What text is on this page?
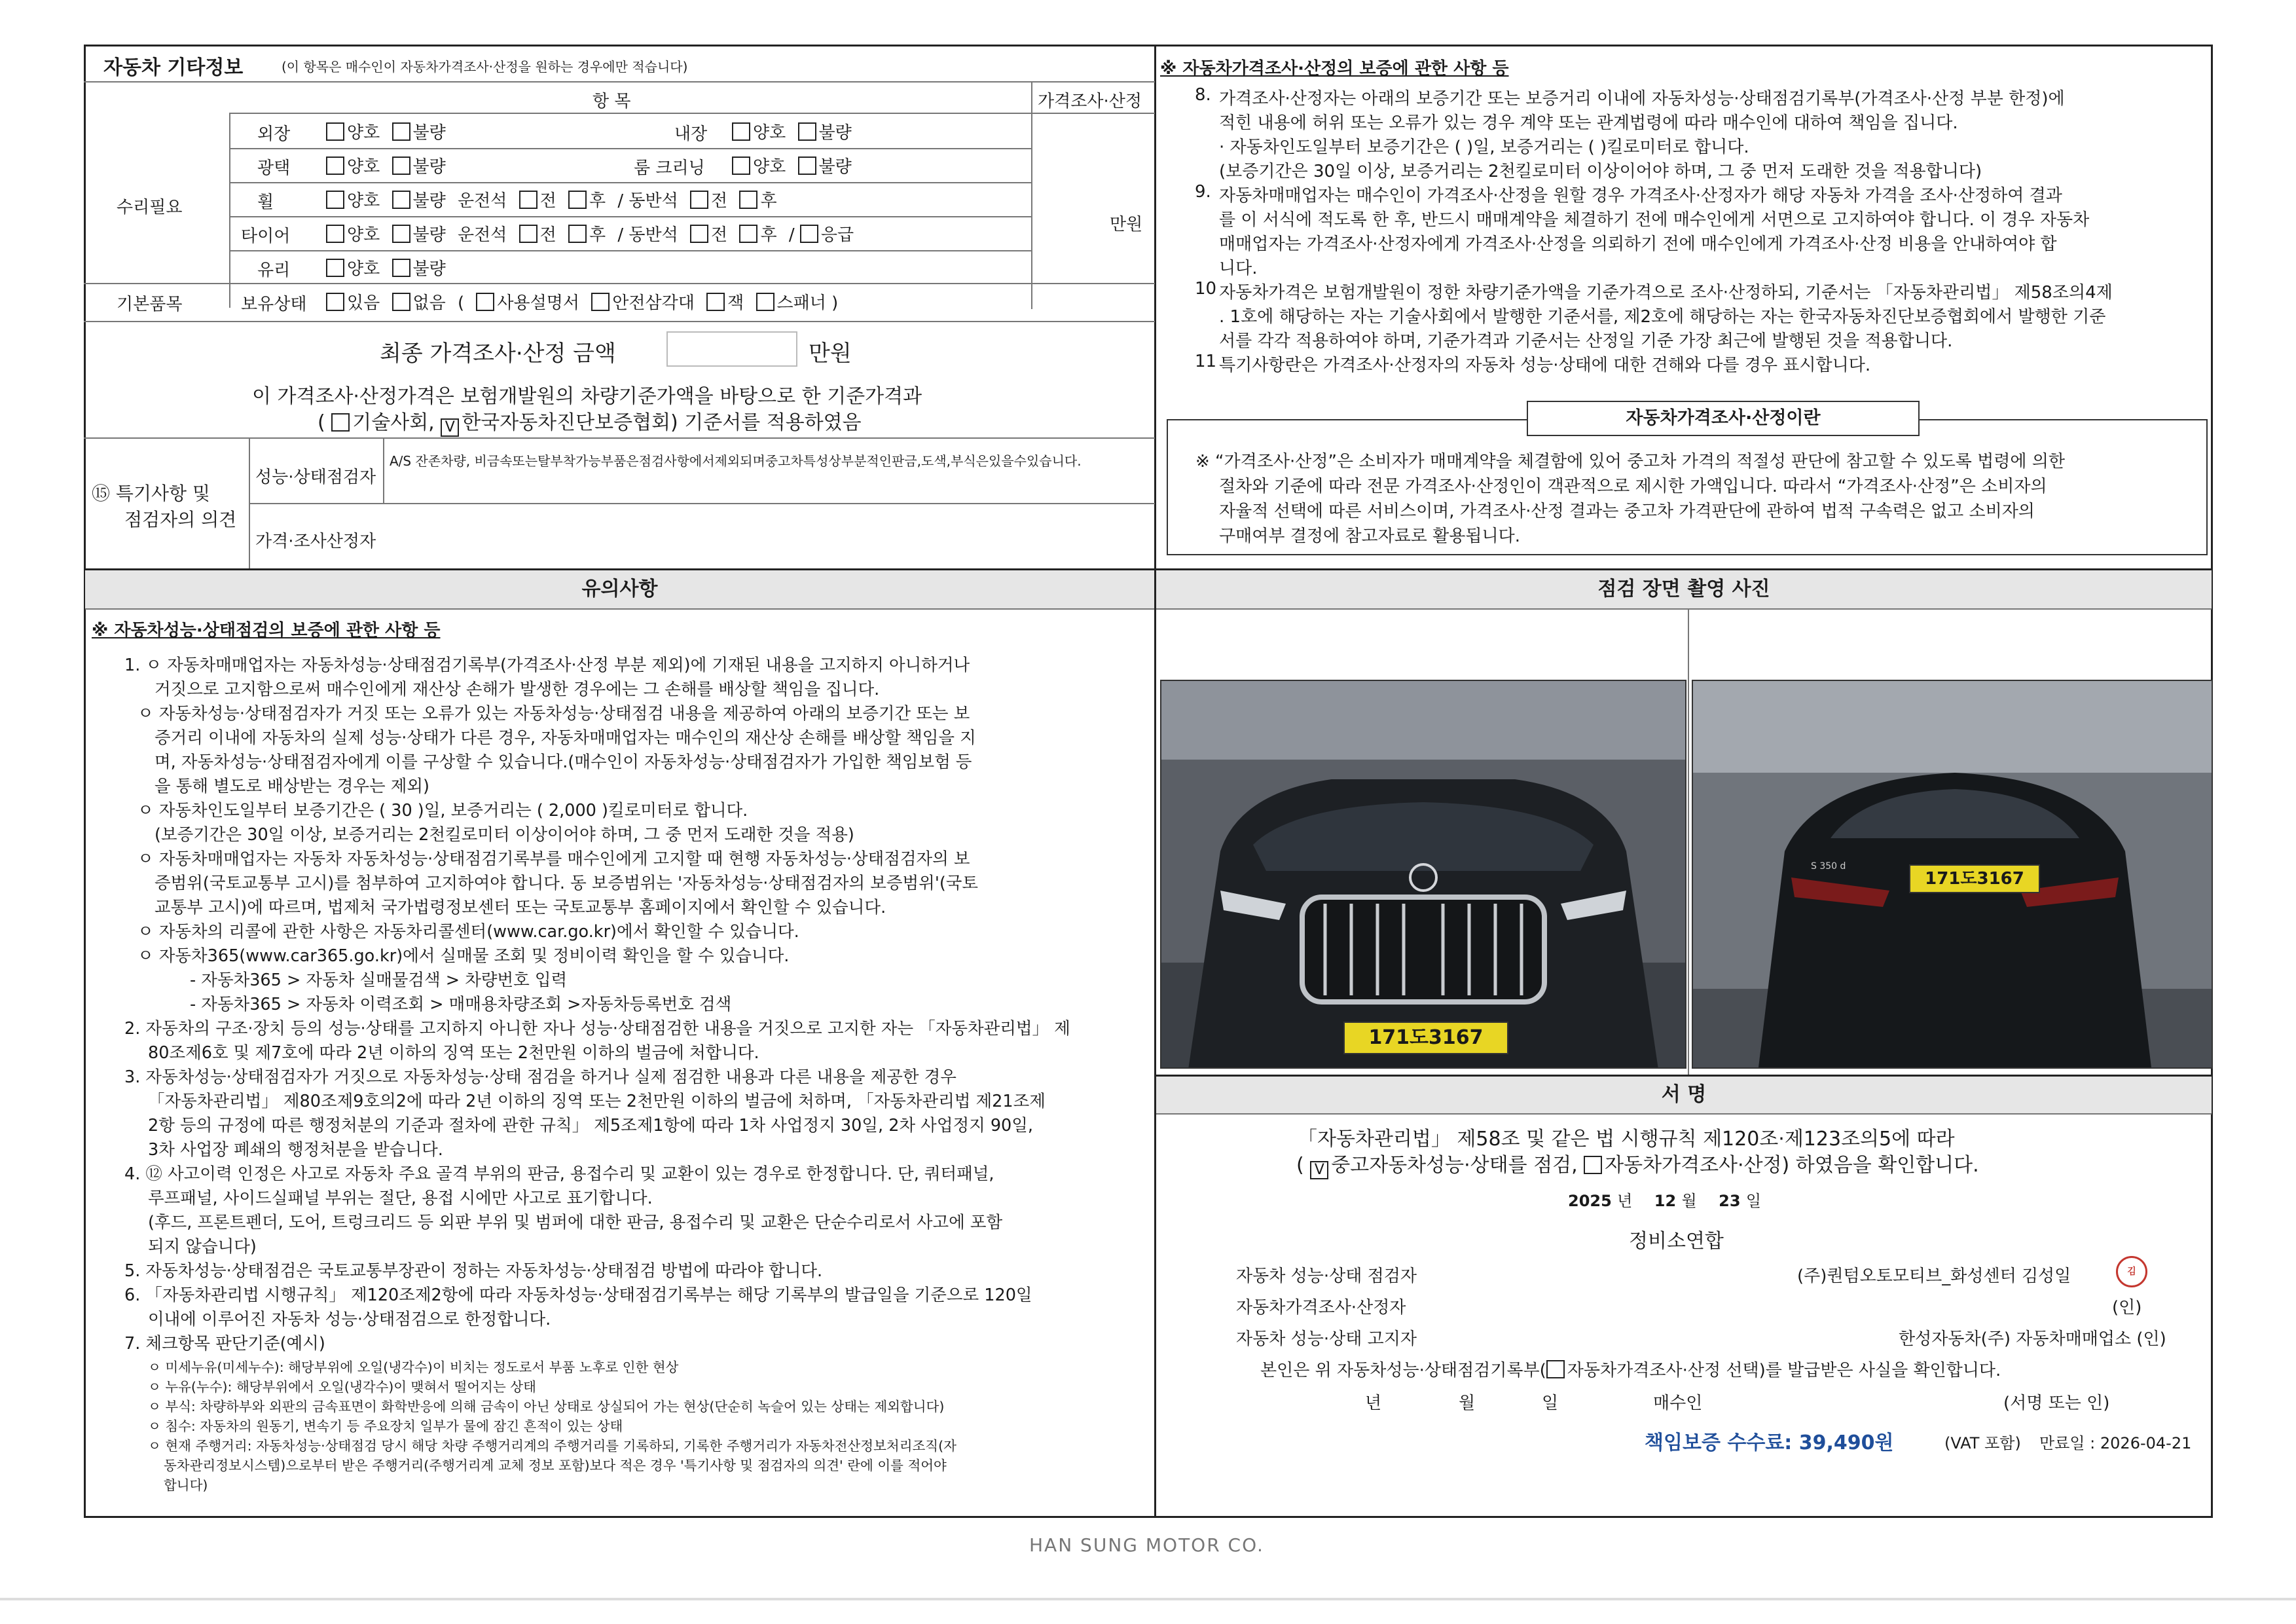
자동차 기타정보	(이 항목은 매수인이 자동차가격조사·산정을 원하는 경우에만 적습니다)
항 목	가격조사·산정
수리필요
만원
외장	양호 불량	내장	양호 불량
광택	양호 불량	룸 크리닝	양호 불량
휠	양호 불량 운전석 전 후 / 동반석 전 후
타이어	양호 불량 운전석 전 후 / 동반석 전 후 / 응급
유리	양호 불량
기본품목	보유상태	있음 없음 ( 사용설명서 안전삼각대 잭 스패너 )
최종 가격조사·산정 금액	만원
이 가격조사·산정가격은 보험개발원의 차량기준가액을 바탕으로 한 기준가격과
( 기술사회, V 한국자동차진단보증협회) 기준서를 적용하였음
⑮ 특기사항 및
점검자의 의견
성능·상태점검자
A/S 잔존차량, 비금속또는탈부착가능부품은점검사항에서제외되며중고차특성상부분적인판금,도색,부식은있을수있습니다.
가격·조사산정자
※ 자동차가격조사·산정의 보증에 관한 사항 등
8. 가격조사·산정자는 아래의 보증기간 또는 보증거리 이내에 자동차성능·상태점검기록부(가격조사·산정 부분 한정)에
적힌 내용에 허위 또는 오류가 있는 경우 계약 또는 관계법령에 따라 매수인에 대하여 책임을 집니다.
· 자동차인도일부터 보증기간은 ( )일, 보증거리는 ( )킬로미터로 합니다.
(보증기간은 30일 이상, 보증거리는 2천킬로미터 이상이어야 하며, 그 중 먼저 도래한 것을 적용합니다)
9. 자동차매매업자는 매수인이 가격조사·산정을 원할 경우 가격조사·산정자가 해당 자동차 가격을 조사·산정하여 결과
를 이 서식에 적도록 한 후, 반드시 매매계약을 체결하기 전에 매수인에게 서면으로 고지하여야 합니다. 이 경우 자동차
매매업자는 가격조사·산정자에게 가격조사·산정을 의뢰하기 전에 매수인에게 가격조사·산정 비용을 안내하여야 합
니다.
10 자동차가격은 보험개발원이 정한 차량기준가액을 기준가격으로 조사·산정하되, 기준서는 「자동차관리법」 제58조의4제
. 1호에 해당하는 자는 기술사회에서 발행한 기준서를, 제2호에 해당하는 자는 한국자동차진단보증협회에서 발행한 기준
서를 각각 적용하여야 하며, 기준가격과 기준서는 산정일 기준 가장 최근에 발행된 것을 적용합니다.
11 특기사항란은 가격조사·산정자의 자동차 성능·상태에 대한 견해와 다를 경우 표시합니다.
자동차가격조사·산정이란
※ “가격조사·산정”은 소비자가 매매계약을 체결함에 있어 중고차 가격의 적절성 판단에 참고할 수 있도록 법령에 의한
절차와 기준에 따라 전문 가격조사·산정인이 객관적으로 제시한 가액입니다. 따라서 “가격조사·산정”은 소비자의
자율적 선택에 따른 서비스이며, 가격조사·산정 결과는 중고차 가격판단에 관하여 법적 구속력은 없고 소비자의
구매여부 결정에 참고자료로 활용됩니다.
유의사항
※ 자동차성능·상태점검의 보증에 관한 사항 등
1. ㅇ 자동차매매업자는 자동차성능·상태점검기록부(가격조사·산정 부분 제외)에 기재된 내용을 고지하지 아니하거나
거짓으로 고지함으로써 매수인에게 재산상 손해가 발생한 경우에는 그 손해를 배상할 책임을 집니다.
ㅇ 자동차성능·상태점검자가 거짓 또는 오류가 있는 자동차성능·상태점검 내용을 제공하여 아래의 보증기간 또는 보
증거리 이내에 자동차의 실제 성능·상태가 다른 경우, 자동차매매업자는 매수인의 재산상 손해를 배상할 책임을 지
며, 자동차성능·상태점검자에게 이를 구상할 수 있습니다.(매수인이 자동차성능·상태점검자가 가입한 책임보험 등
을 통해 별도로 배상받는 경우는 제외)
ㅇ 자동차인도일부터 보증기간은 ( 30 )일, 보증거리는 ( 2,000 )킬로미터로 합니다.
(보증기간은 30일 이상, 보증거리는 2천킬로미터 이상이어야 하며, 그 중 먼저 도래한 것을 적용)
ㅇ 자동차매매업자는 자동차 자동차성능·상태점검기록부를 매수인에게 고지할 때 현행 자동차성능·상태점검자의 보
증범위(국토교통부 고시)를 첨부하여 고지하여야 합니다. 동 보증범위는 '자동차성능·상태점검자의 보증범위'(국토
교통부 고시)에 따르며, 법제처 국가법령정보센터 또는 국토교통부 홈페이지에서 확인할 수 있습니다.
ㅇ 자동차의 리콜에 관한 사항은 자동차리콜센터(www.car.go.kr)에서 확인할 수 있습니다.
ㅇ 자동차365(www.car365.go.kr)에서 실매물 조회 및 정비이력 확인을 할 수 있습니다.
- 자동차365 > 자동차 실매물검색 > 차량번호 입력
- 자동차365 > 자동차 이력조회 > 매매용차량조회 >자동차등록번호 검색
2. 자동차의 구조·장치 등의 성능·상태를 고지하지 아니한 자나 성능·상태점검한 내용을 거짓으로 고지한 자는 「자동차관리법」 제
80조제6호 및 제7호에 따라 2년 이하의 징역 또는 2천만원 이하의 벌금에 처합니다.
3. 자동차성능·상태점검자가 거짓으로 자동차성능·상태 점검을 하거나 실제 점검한 내용과 다른 내용을 제공한 경우
「자동차관리법」 제80조제9호의2에 따라 2년 이하의 징역 또는 2천만원 이하의 벌금에 처하며, 「자동차관리법 제21조제
2항 등의 규정에 따른 행정처분의 기준과 절차에 관한 규칙」 제5조제1항에 따라 1차 사업정지 30일, 2차 사업정지 90일,
3차 사업장 폐쇄의 행정처분을 받습니다.
4. ⑫ 사고이력 인정은 사고로 자동차 주요 골격 부위의 판금, 용접수리 및 교환이 있는 경우로 한정합니다. 단, 쿼터패널,
루프패널, 사이드실패널 부위는 절단, 용접 시에만 사고로 표기합니다.
(후드, 프론트펜더, 도어, 트렁크리드 등 외판 부위 및 범퍼에 대한 판금, 용접수리 및 교환은 단순수리로서 사고에 포함
되지 않습니다)
5. 자동차성능·상태점검은 국토교통부장관이 정하는 자동차성능·상태점검 방법에 따라야 합니다.
6. 「자동차관리법 시행규칙」 제120조제2항에 따라 자동차성능·상태점검기록부는 해당 기록부의 발급일을 기준으로 120일
이내에 이루어진 자동차 성능·상태점검으로 한정합니다.
7. 체크항목 판단기준(예시)
ㅇ 미세누유(미세누수): 해당부위에 오일(냉각수)이 비치는 정도로서 부품 노후로 인한 현상
ㅇ 누유(누수): 해당부위에서 오일(냉각수)이 맺혀서 떨어지는 상태
ㅇ 부식: 차량하부와 외판의 금속표면이 화학반응에 의해 금속이 아닌 상태로 상실되어 가는 현상(단순히 녹슬어 있는 상태는 제외합니다)
ㅇ 침수: 자동차의 원동기, 변속기 등 주요장치 일부가 물에 잠긴 흔적이 있는 상태
ㅇ 현재 주행거리: 자동차성능·상태점검 당시 해당 차량 주행거리계의 주행거리를 기록하되, 기록한 주행거리가 자동차전산정보처리조직(자
동차관리정보시스템)으로부터 받은 주행거리(주행거리계 교체 정보 포함)보다 적은 경우 '특기사항 및 점검자의 의견' 란에 이를 적어야
합니다)
점검 장면 촬영 사진
171도3167
S 350 d
171도3167
서 명
「자동차관리법」 제58조 및 같은 법 시행규칙 제120조·제123조의5에 따라
( V 중고자동차성능·상태를 점검, 자동차가격조사·산정) 하였음을 확인합니다.
2025 년 12 월 23 일
정비소연합
자동차 성능·상태 점검자	(주)퀀텀오토모티브_화성센터 김성일	김
자동차가격조사·산정자	(인)
자동차 성능·상태 고지자	한성자동차(주) 자동차매매업소 (인)
본인은 위 자동차성능·상태점검기록부( 자동차가격조사·산정 선택)를 발급받은 사실을 확인합니다.
년	월	일	매수인	(서명 또는 인)
책임보증 수수료: 39,490원	(VAT 포함) 만료일 : 2026-04-21
HAN SUNG MOTOR CO.
